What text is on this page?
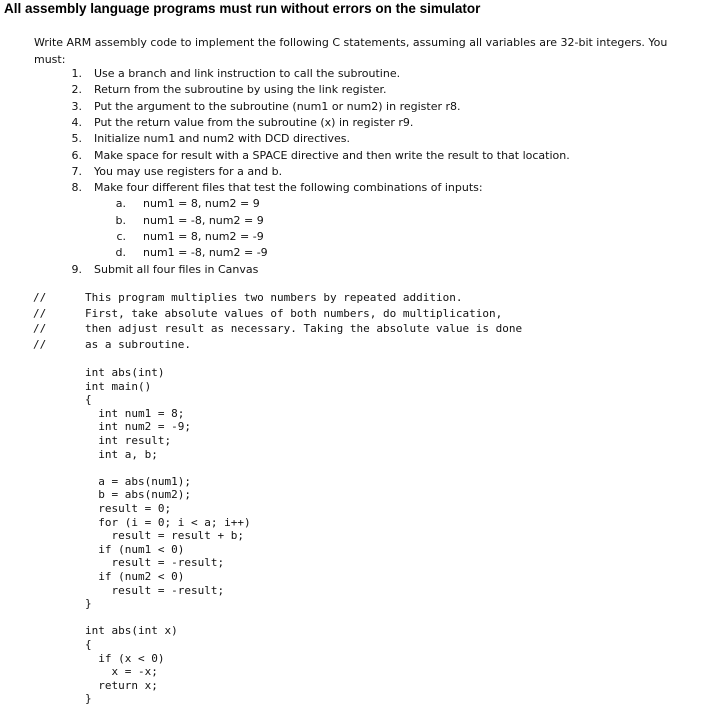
All assembly language programs must run without errors on the simulator
Write ARM assembly code to implement the following C statements, assuming all variables are 32-bit integers. You must:
1. Use a branch and link instruction to call the subroutine.
2. Return from the subroutine by using the link register.
3. Put the argument to the subroutine (num1 or num2) in register r8.
4. Put the return value from the subroutine (x) in register r9.
5. Initialize num1 and num2 with DCD directives.
6. Make space for result with a SPACE directive and then write the result to that location.
7. You may use registers for a and b.
8. Make four different files that test the following combinations of inputs:
a. num1 = 8, num2 = 9
b. num1 = -8, num2 = 9
c. num1 = 8, num2 = -9
d. num1 = -8, num2 = -9
9. Submit all four files in Canvas
//	This program multiplies two numbers by repeated addition.
//	First, take absolute values of both numbers, do multiplication,
//	then adjust result as necessary. Taking the absolute value is done
//	as a subroutine.
int abs(int)
int main()
{
int num1 = 8;
int num2 = -9;
int result;
int a, b;
a = abs(num1);
b = abs(num2);
result = 0;
for (i = 0; i < a; i++)
result = result + b;
if (num1 < 0)
result = -result;
if (num2 < 0)
result = -result;
}
int abs(int x)
{
if (x < 0)
x = -x;
return x;
}
